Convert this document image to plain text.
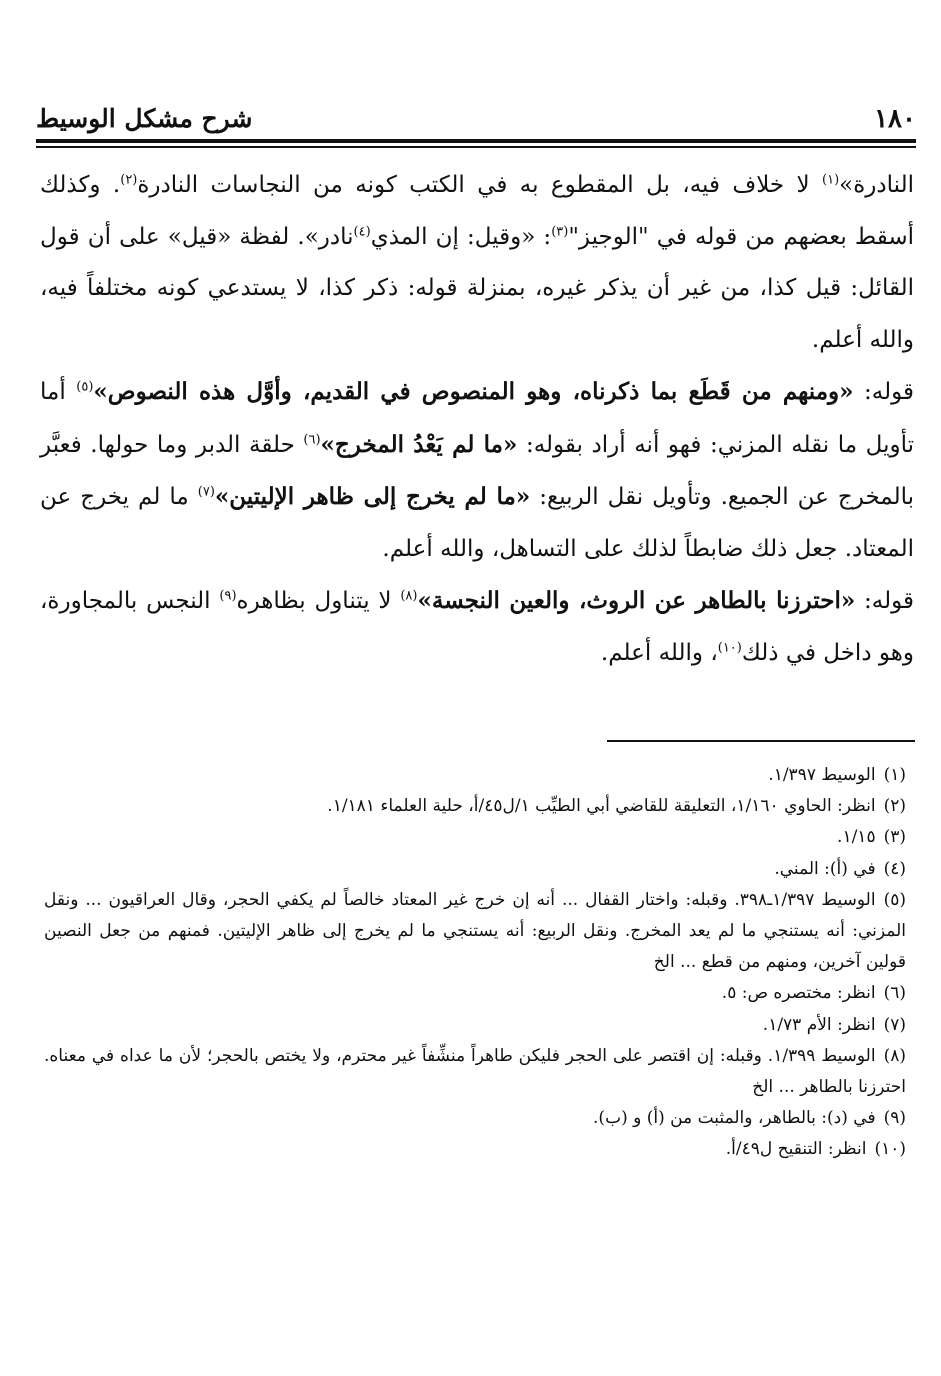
١٨٠
شرح مشكل الوسيط

النادرة»$^{(١)}$ لا خلاف فيه، بل المقطوع به في الكتب كونه من النجاسات النادرة$^{(٢)}$. وكذلك أسقط بعضهم من قوله في "الوجيز"$^{(٣)}$: «وقيل: إن المذي$^{(٤)}$نادر». لفظة «قيل» على أن قول القائل: قيل كذا، من غير أن يذكر غيره، بمنزلة قوله: ذكر كذا، لا يستدعي كونه مختلفاً فيه، والله أعلم.

قوله: «ومنهم من قَطَع بما ذكرناه، وهو المنصوص في القديم، وأوَّل هذه النصوص»$^{(٥)}$ أما تأويل ما نقله المزني: فهو أنه أراد بقوله: «ما لم يَعْدُ المخرج»$^{(٦)}$ حلقة الدبر وما حولها. فعبَّر بالمخرج عن الجميع. وتأويل نقل الربيع: «ما لم يخرج إلى ظاهر الإليتين»$^{(٧)}$ ما لم يخرج عن المعتاد. جعل ذلك ضابطاً لذلك على التساهل، والله أعلم.

قوله: «احترزنا بالطاهر عن الروث، والعين النجسة»$^{(٨)}$ لا يتناول بظاهره$^{(٩)}$ النجس بالمجاورة، وهو داخل في ذلك$^{(١٠)}$، والله أعلم.

(١)الوسيط ١/٣٩٧.

(٢)انظر: الحاوي ١/١٦٠، التعليقة للقاضي أبي الطيِّب ١/ل٤٥/أ، حلية العلماء ١/١٨١.

(٣)١/١٥.

(٤)في (أ): المني.

(٥)الوسيط ١/٣٩٧ـ٣٩٨. وقبله: واختار القفال ... أنه إن خرج غير المعتاد خالصاً لم يكفي الحجر، وقال العراقيون ... ونقل المزني: أنه يستنجي ما لم يعد المخرج. ونقل الربيع: أنه يستنجي ما لم يخرج إلى ظاهر الإليتين. فمنهم من جعل النصين قولين آخرين، ومنهم من قطع ... الخ

(٦)انظر: مختصره ص: ٥.

(٧)انظر: الأم ١/٧٣.

(٨)الوسيط ١/٣٩٩. وقبله: إن اقتصر على الحجر فليكن طاهراً منشِّفاً غير محترم، ولا يختص بالحجر؛ لأن ما عداه في معناه. احترزنا بالطاهر ... الخ

(٩)في (د): بالطاهر، والمثبت من (أ) و (ب).

(١٠)انظر: التنقيح ل٤٩/أ.
